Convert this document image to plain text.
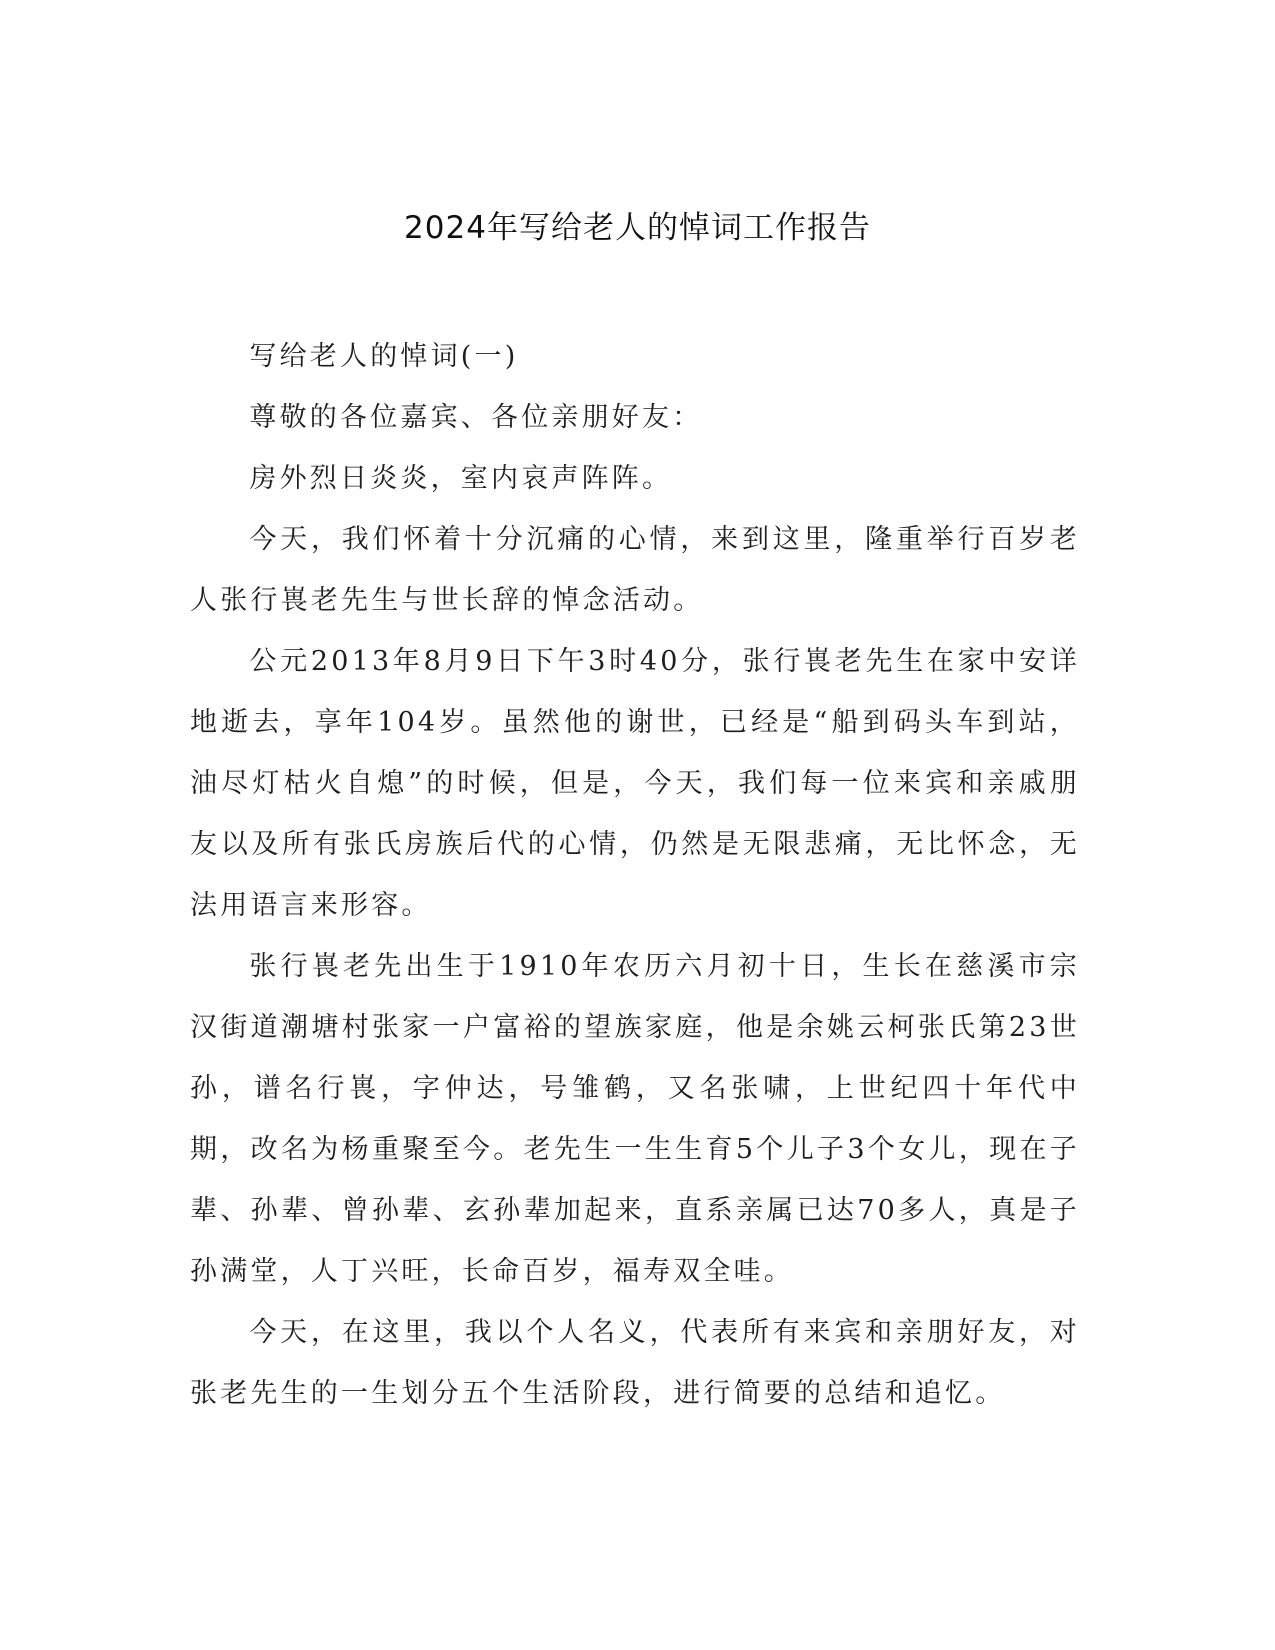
2024年写给老人的悼词工作报告

写给老人的悼词(一)

尊敬的各位嘉宾、各位亲朋好友：

房外烈日炎炎，室内哀声阵阵。

今天，我们怀着十分沉痛的心情，来到这里，隆重举行百岁老人张行嵔老先生与世长辞的悼念活动。

公元2013年8月9日下午3时40分，张行嵔老先生在家中安详地逝去，享年104岁。虽然他的谢世，已经是“船到码头车到站，油尽灯枯火自熄”的时候，但是，今天，我们每一位来宾和亲戚朋友以及所有张氏房族后代的心情，仍然是无限悲痛，无比怀念，无法用语言来形容。

张行嵔老先出生于1910年农历六月初十日，生长在慈溪市宗汉街道潮塘村张家一户富裕的望族家庭，他是余姚云柯张氏第23世孙，谱名行嵔，字仲达，号雏鹤，又名张啸，上世纪四十年代中期，改名为杨重聚至今。老先生一生生育5个儿子3个女儿，现在子辈、孙辈、曾孙辈、玄孙辈加起来，直系亲属已达70多人，真是子孙满堂，人丁兴旺，长命百岁，福寿双全哇。

今天，在这里，我以个人名义，代表所有来宾和亲朋好友，对张老先生的一生划分五个生活阶段，进行简要的总结和追忆。
